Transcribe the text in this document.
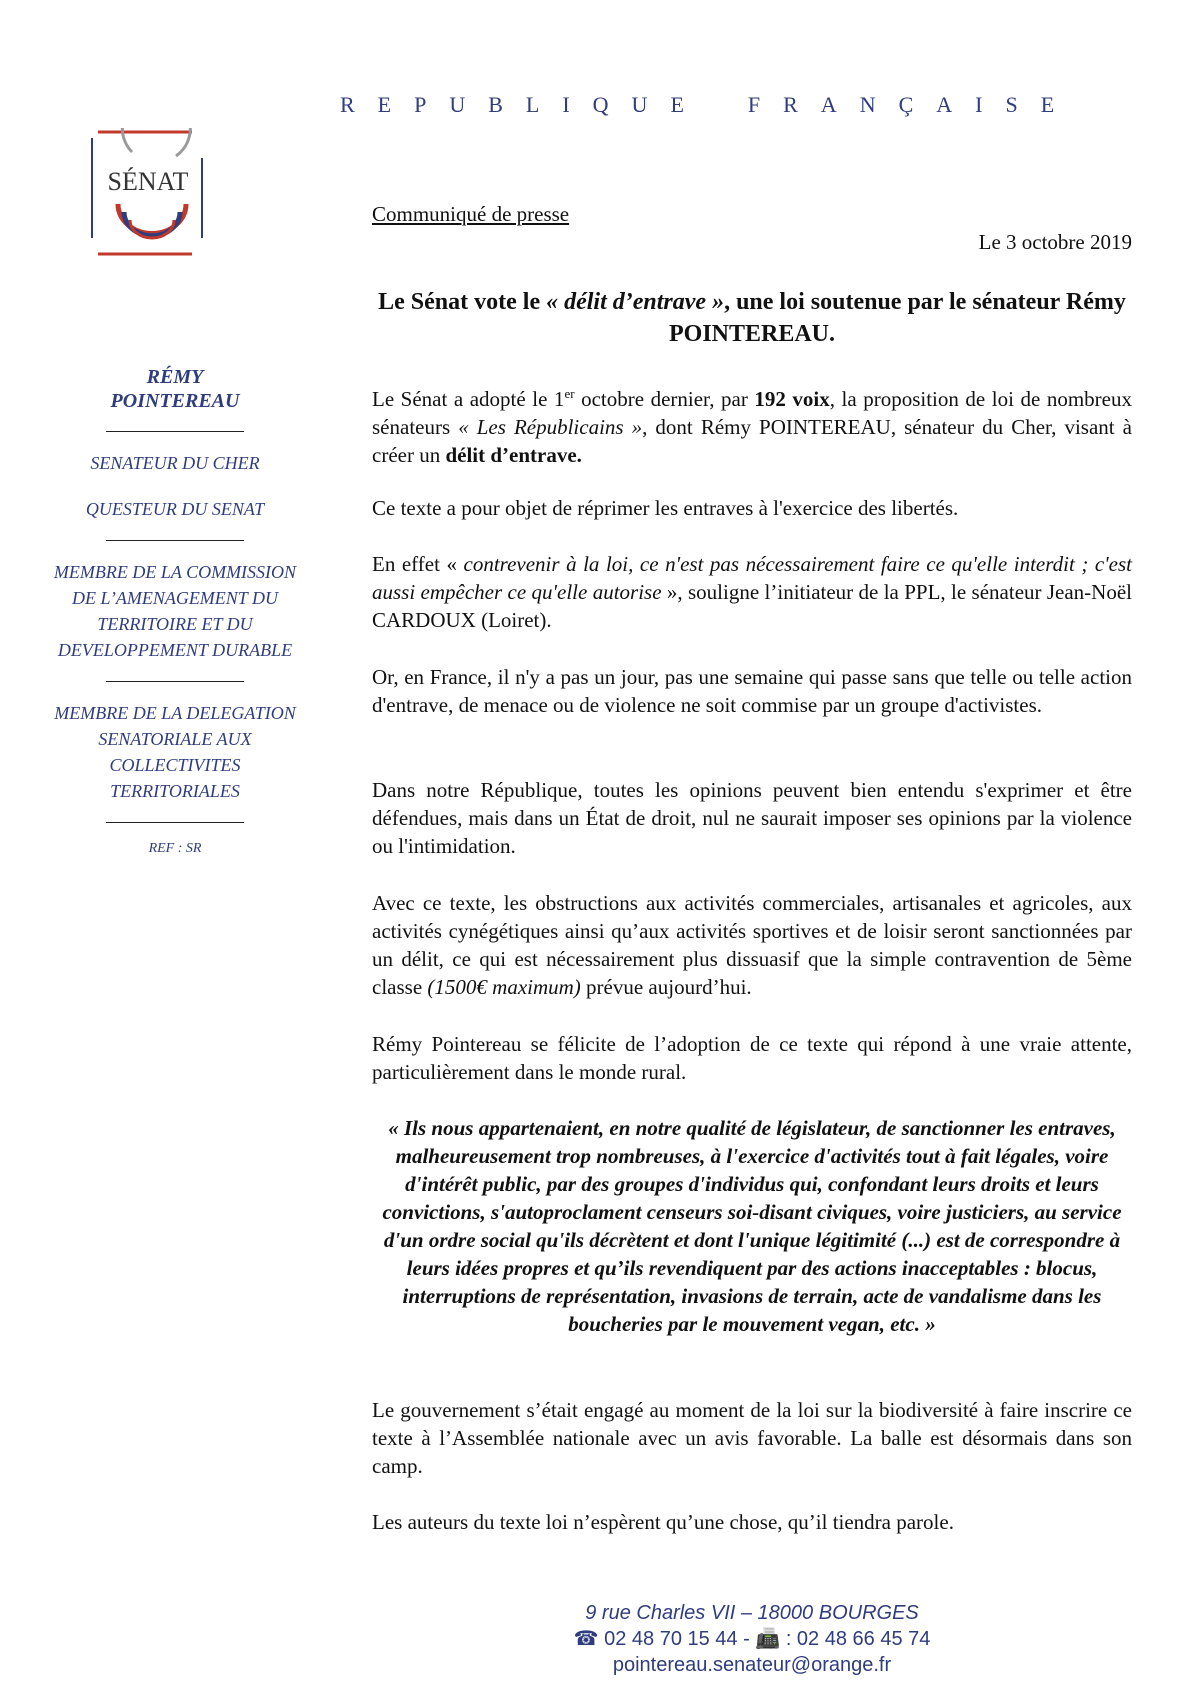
REPUBLIQUE FRANÇAISE
SÉNAT
RÉMY
POINTEREAU
SENATEUR DU CHER
QUESTEUR DU SENAT
MEMBRE DE LA COMMISSION
DE L’AMENAGEMENT DU
TERRITOIRE ET DU
DEVELOPPEMENT DURABLE
MEMBRE DE LA DELEGATION
SENATORIALE AUX
COLLECTIVITES
TERRITORIALES
REF : SR
Communiqué de presse
Le 3 octobre 2019
Le Sénat vote le « délit d’entrave », une loi soutenue par le sénateur Rémy POINTEREAU.
Le Sénat a adopté le 1er octobre dernier, par 192 voix, la proposition de loi de nombreux sénateurs « Les Républicains », dont Rémy POINTEREAU, sénateur du Cher, visant à créer un délit d’entrave.
Ce texte a pour objet de réprimer les entraves à l'exercice des libertés.
En effet « contrevenir à la loi, ce n'est pas nécessairement faire ce qu'elle interdit ; c'est aussi empêcher ce qu'elle autorise », souligne l’initiateur de la PPL, le sénateur Jean-Noël CARDOUX (Loiret).
Or, en France, il n'y a pas un jour, pas une semaine qui passe sans que telle ou telle action d'entrave, de menace ou de violence ne soit commise par un groupe d'activistes.
Dans notre République, toutes les opinions peuvent bien entendu s'exprimer et être défendues, mais dans un État de droit, nul ne saurait imposer ses opinions par la violence ou l'intimidation.
Avec ce texte, les obstructions aux activités commerciales, artisanales et agricoles, aux activités cynégétiques ainsi qu’aux activités sportives et de loisir seront sanctionnées par un délit, ce qui est nécessairement plus dissuasif que la simple contravention de 5ème classe (1500€ maximum) prévue aujourd’hui.
Rémy Pointereau se félicite de l’adoption de ce texte qui répond à une vraie attente, particulièrement dans le monde rural.
« Ils nous appartenaient, en notre qualité de législateur, de sanctionner les entraves, malheureusement trop nombreuses, à l'exercice d'activités tout à fait légales, voire d'intérêt public, par des groupes d'individus qui, confondant leurs droits et leurs convictions, s'autoproclament censeurs soi-disant civiques, voire justiciers, au service d'un ordre social qu'ils décrètent et dont l'unique légitimité (...) est de correspondre à leurs idées propres et qu’ils revendiquent par des actions inacceptables : blocus, interruptions de représentation, invasions de terrain, acte de vandalisme dans les boucheries par le mouvement vegan, etc. »
Le gouvernement s’était engagé au moment de la loi sur la biodiversité à faire inscrire ce texte à l’Assemblée nationale avec un avis favorable. La balle est désormais dans son camp.
Les auteurs du texte loi n’espèrent qu’une chose, qu’il tiendra parole.
9 rue Charles VII – 18000 BOURGES
☎ 02 48 70 15 44 - 📠 : 02 48 66 45 74
pointereau.senateur@orange.fr
